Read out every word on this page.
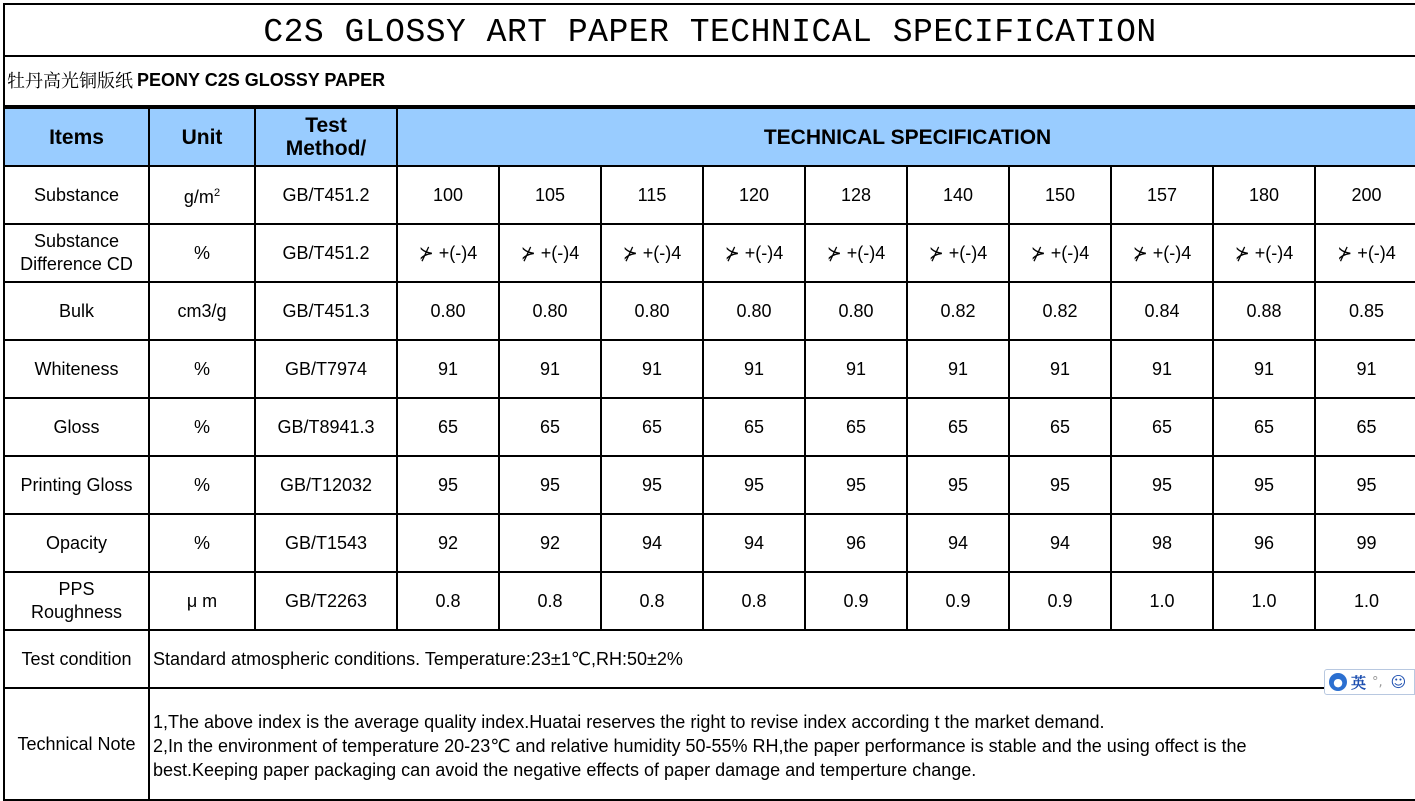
C2S GLOSSY ART PAPER TECHNICAL SPECIFICATION
牡丹高光铜版纸 PEONY C2S GLOSSY PAPER
Items	Unit	Test
Method/	TECHNICAL SPECIFICATION									
Substance	$g/m^2$	GB/T451.2	100	105	115	120	128	140	150	157	180	200
Substance
Difference CD	%	GB/T451.2	⊁ +(-)4	⊁ +(-)4	⊁ +(-)4	⊁ +(-)4	⊁ +(-)4	⊁ +(-)4	⊁ +(-)4	⊁ +(-)4	⊁ +(-)4	⊁ +(-)4
Bulk	cm3/g	GB/T451.3	0.80	0.80	0.80	0.80	0.80	0.82	0.82	0.84	0.88	0.85
Whiteness	%	GB/T7974	91	91	91	91	91	91	91	91	91	91
Gloss	%	GB/T8941.3	65	65	65	65	65	65	65	65	65	65
Printing Gloss	%	GB/T12032	95	95	95	95	95	95	95	95	95	95
Opacity	%	GB/T1543	92	92	94	94	96	94	94	98	96	99
PPS
Roughness	μ m	GB/T2263	0.8	0.8	0.8	0.8	0.9	0.9	0.9	1.0	1.0	1.0
Test condition	Standard atmospheric conditions. Temperature:23±1℃,RH:50±2%											
Technical Note	1,The above index is the average quality index.Huatai reserves the right to revise index according t the market demand.
2,In the environment of temperature 20-23℃ and relative humidity 50-55% RH,the paper performance is stable and the using offect is the
best.Keeping paper packaging can avoid the negative effects of paper damage and temperture change.											
● 英 °, ☺
